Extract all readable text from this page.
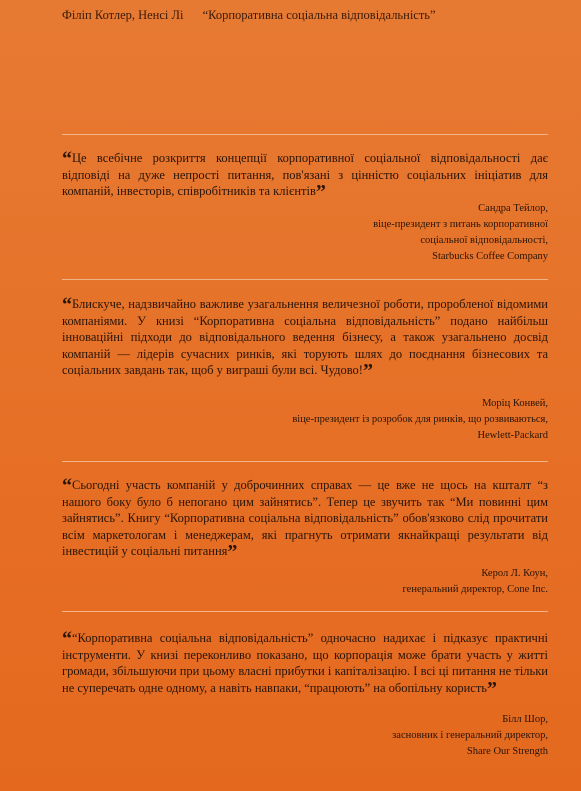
Філіп Котлер, Hенсі Лі “Корпоративна соціальна відповідальність”
“Це всебічне розкриття концепції корпоративної соціальної відповідальності дає відповіді на дуже непрості питання, пов'язані з цінністю соціальних ініціатив для компаній, інвесторів, співробітників та клієнтів”
Сандра Тейлор,
віце-президент з питань корпоративної
соціальної відповідальності,
Starbucks Coffee Company
“Блискуче, надзвичайно важливе узагальнення величезної роботи, проробленої відомими компаніями. У книзі “Корпоративна соціальна відповідальність” подано найбільш інноваційні підходи до відповідального ведення бізнесу, а також узагальнено досвід компаній — лідерів сучасних ринків, які торують шлях до поєднання бізнесових та соціальних завдань так, щоб у виграші були всі. Чудово!”
Моріц Конвей,
віце-президент із розробок для ринків, що розвиваються,
Hewlett-Packard
“Сьогодні участь компаній у доброчинних справах — це вже не щось на кшталт “з нашого боку було б непогано цим зайнятись”. Тепер це звучить так “Ми повинні цим зайнятись”. Книгу “Корпоративна соціальна відповідальність” обов'язково слід прочитати всім маркетологам і менеджерам, які прагнуть отримати якнайкращі результати від інвестицій у соціальні питання”
Керол Л. Коун,
генеральний директор, Cone Inc.
““Корпоративна соціальна відповідальність” одночасно надихає і підказує практичні інструменти. У книзі переконливо показано, що корпорація може брати участь у житті громади, збільшуючи при цьому власні прибутки і капіталізацію. І всі ці питання не тільки не суперечать одне одному, а навіть навпаки, “працюють” на обопільну користь”
Білл Шор,
засновник і генеральний директор,
Share Our Strength
